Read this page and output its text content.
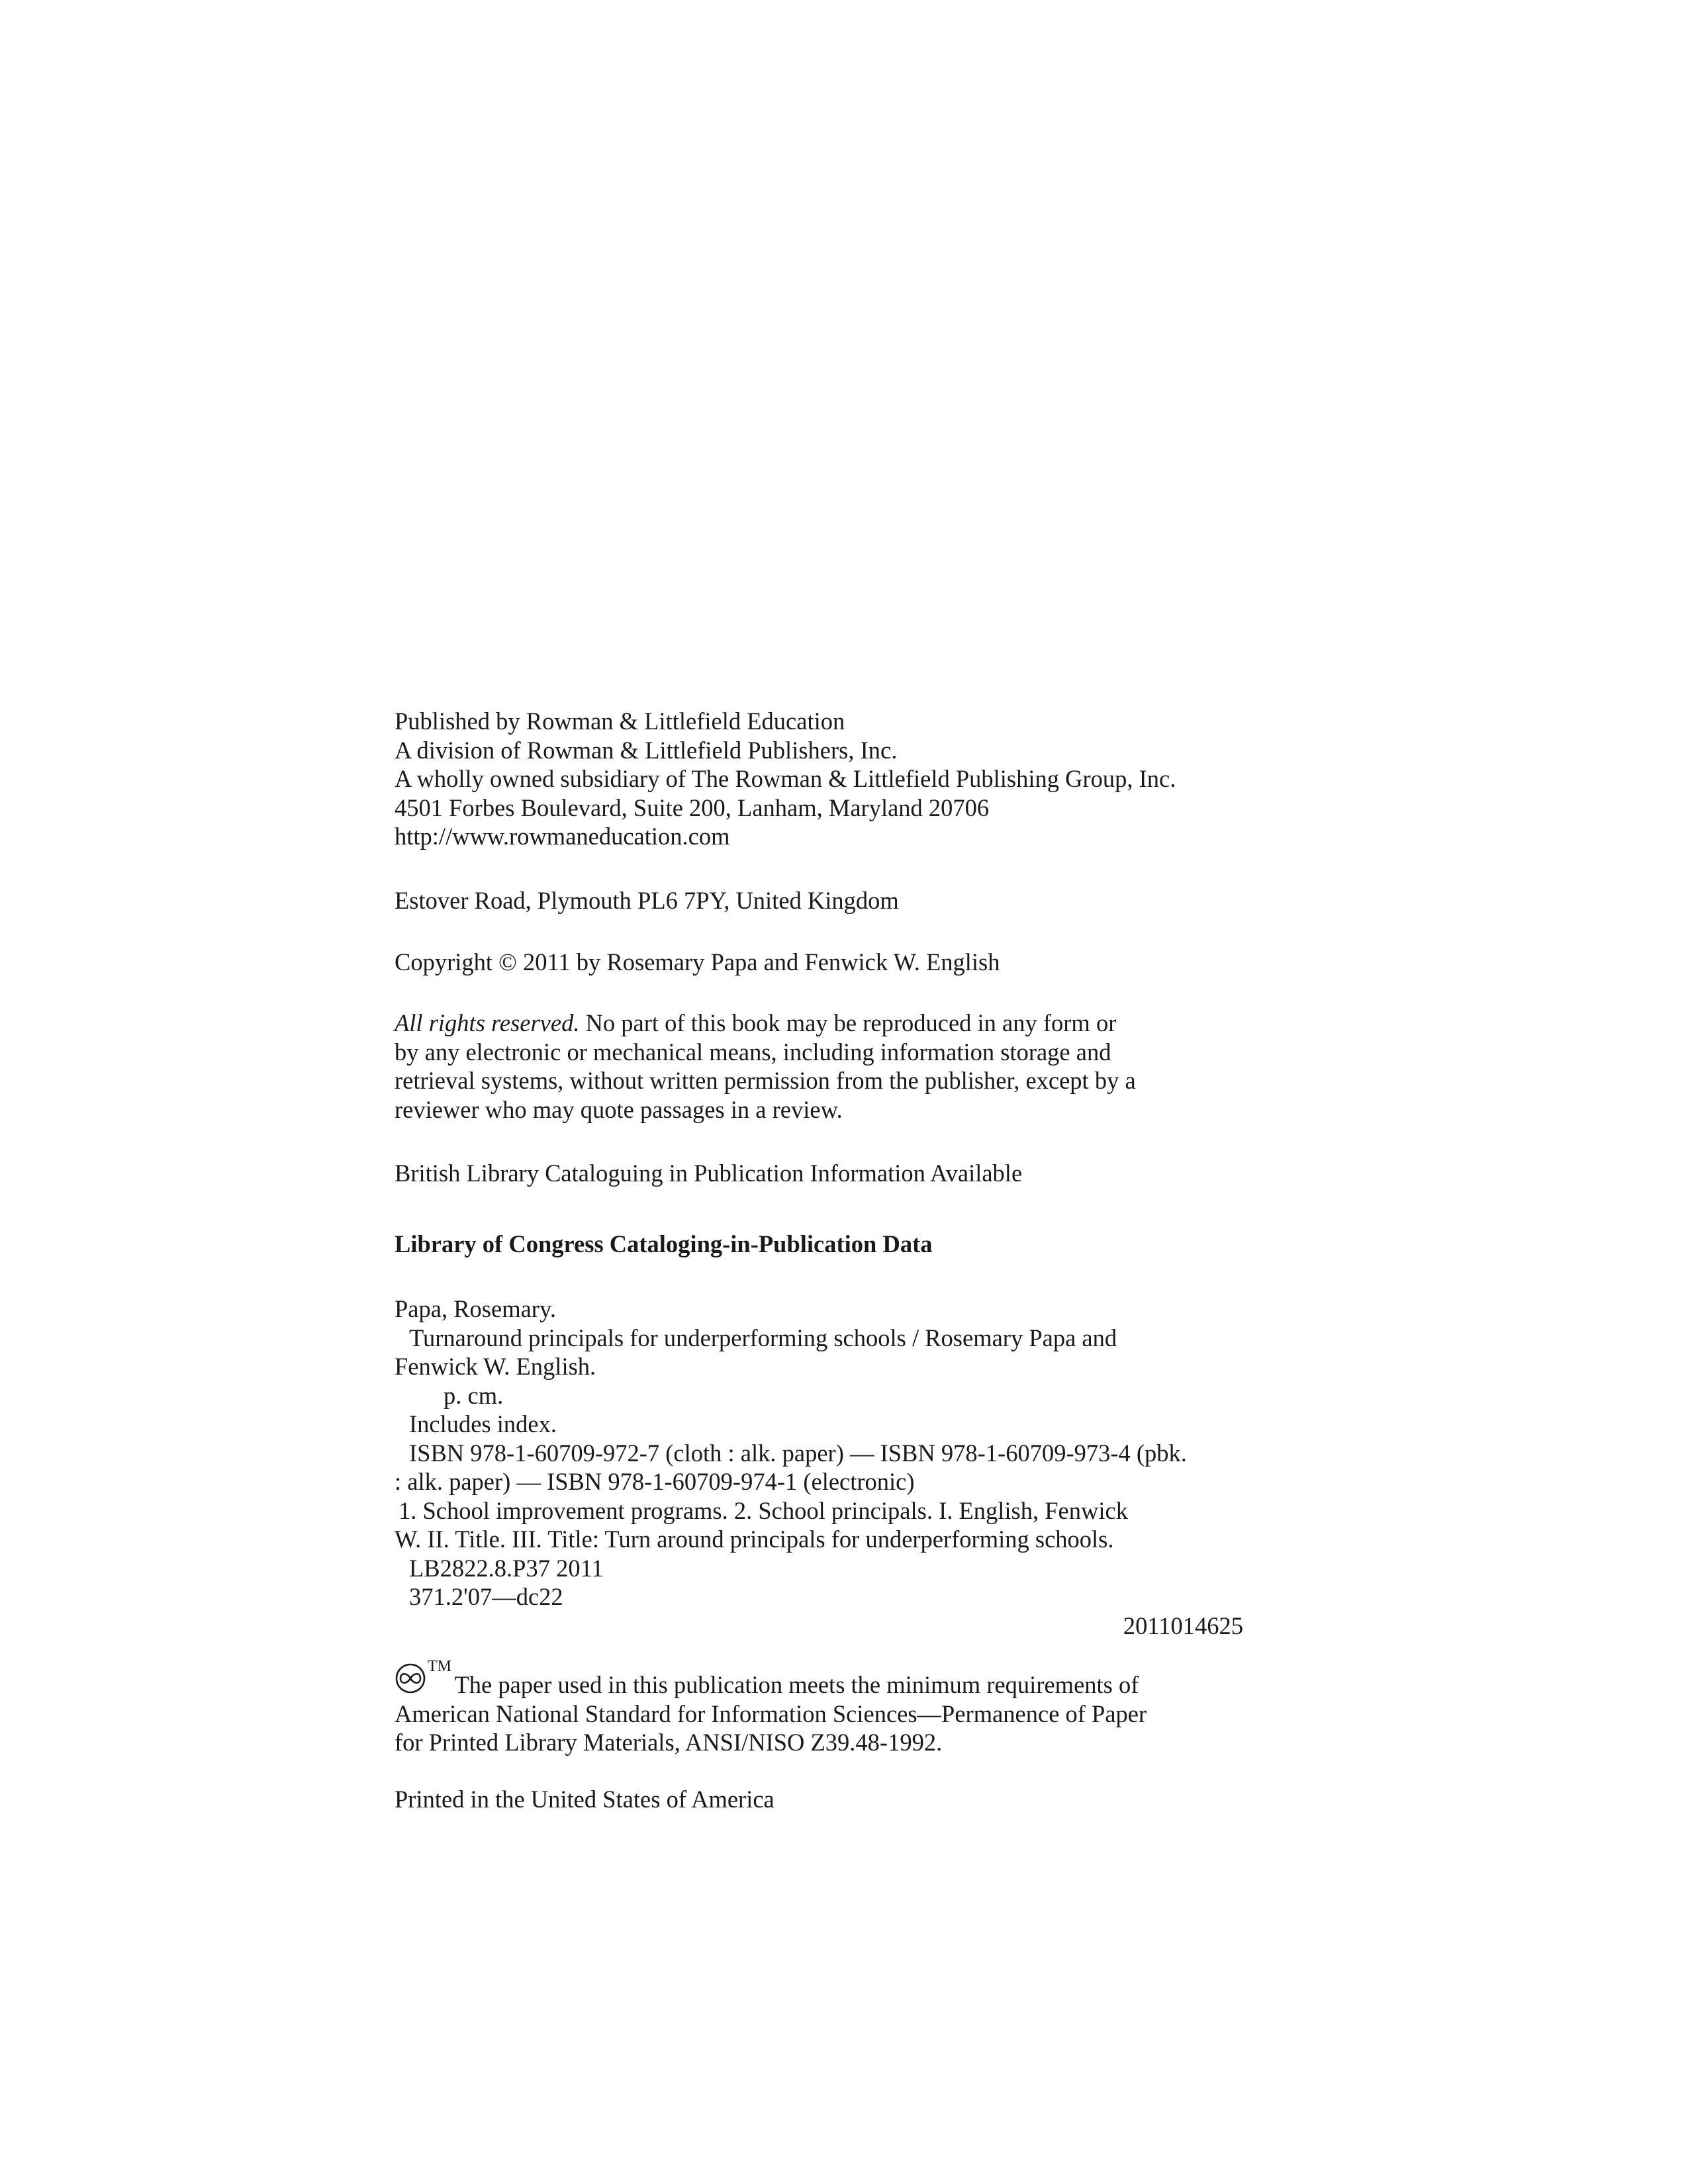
Published by Rowman & Littlefield Education
A division of Rowman & Littlefield Publishers, Inc.
A wholly owned subsidiary of The Rowman & Littlefield Publishing Group, Inc.
4501 Forbes Boulevard, Suite 200, Lanham, Maryland 20706
http://www.rowmaneducation.com
Estover Road, Plymouth PL6 7PY, United Kingdom
Copyright © 2011 by Rosemary Papa and Fenwick W. English
All rights reserved. No part of this book may be reproduced in any form or
by any electronic or mechanical means, including information storage and
retrieval systems, without written permission from the publisher, except by a
reviewer who may quote passages in a review.
British Library Cataloguing in Publication Information Available
Library of Congress Cataloging-in-Publication Data
Papa, Rosemary.
Turnaround principals for underperforming schools / Rosemary Papa and
Fenwick W. English.
p. cm.
Includes index.
ISBN 978-1-60709-972-7 (cloth : alk. paper) — ISBN 978-1-60709-973-4 (pbk.
: alk. paper) — ISBN 978-1-60709-974-1 (electronic)
1. School improvement programs. 2. School principals. I. English, Fenwick
W. II. Title. III. Title: Turn around principals for underperforming schools.
LB2822.8.P37 2011
371.2'07—dc22
2011014625
TM
The paper used in this publication meets the minimum requirements of
American National Standard for Information Sciences—Permanence of Paper
for Printed Library Materials, ANSI/NISO Z39.48-1992.
Printed in the United States of America
